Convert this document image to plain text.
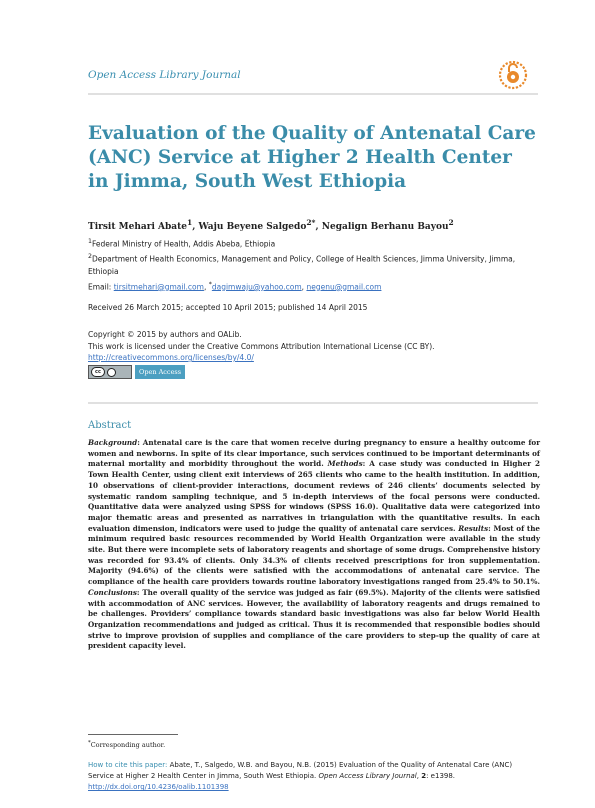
Open Access Library Journal
Evaluation of the Quality of Antenatal Care (ANC) Service at Higher 2 Health Center in Jimma, South West Ethiopia
Tirsit Mehari Abate$^1$, Waju Beyene Salgedo$^{2*}$, Negalign Berhanu Bayou$^2$

$^1$Federal Ministry of Health, Addis Abeba, Ethiopia

$^2$Department of Health Economics, Management and Policy, College of Health Sciences, Jimma University, Jimma, Ethiopia

Email: tirsitmehari@gmail.com, *dagimwaju@yahoo.com, negenu@gmail.com

Received 26 March 2015; accepted 10 April 2015; published 14 April 2015

Copyright © 2015 by authors and OALib.

This work is licensed under the Creative Commons Attribution International License (CC BY).

http://creativecommons.org/licenses/by/4.0/

cc	Open Access
Abstract

Background: Antenatal care is the care that women receive during pregnancy to ensure a healthy outcome for women and newborns. In spite of its clear importance, such services continued to be important determinants of maternal mortality and morbidity throughout the world. Methods: A case study was conducted in Higher 2 Town Health Center, using client exit interviews of 265 clients who came to the health institution. In addition, 10 observations of client-provider interactions, document reviews of 246 clients’ documents selected by systematic random sampling technique, and 5 in-depth interviews of the focal persons were conducted. Quantitative data were analyzed using SPSS for windows (SPSS 16.0). Qualitative data were categorized into major thematic areas and presented as narratives in triangulation with the quantitative results. In each evaluation dimension, indicators were used to judge the quality of antenatal care services. Results: Most of the minimum required basic resources recommended by World Health Organization were available in the study site. But there were incomplete sets of laboratory reagents and shortage of some drugs. Comprehensive history was recorded for 93.4% of clients. Only 34.3% of clients received prescriptions for iron supplementation. Majority (94.6%) of the clients were satisfied with the accommodations of antenatal care service. The compliance of the health care providers towards routine laboratory investigations ranged from 25.4% to 50.1%. Conclusions: The overall quality of the service was judged as fair (69.5%). Majority of the clients were satisfied with accommodation of ANC services. However, the availability of laboratory reagents and drugs remained to be challenges. Providers’ compliance towards standard basic investigations was also far below World Health Organization recommendations and judged as critical. Thus it is recommended that responsible bodies should strive to improve provision of supplies and compliance of the care providers to step-up the quality of care at president capacity level.

*Corresponding author.
How to cite this paper: Abate, T., Salgedo, W.B. and Bayou, N.B. (2015) Evaluation of the Quality of Antenatal Care (ANC) Service at Higher 2 Health Center in Jimma, South West Ethiopia. Open Access Library Journal, 2: e1398.
http://dx.doi.org/10.4236/oalib.1101398
